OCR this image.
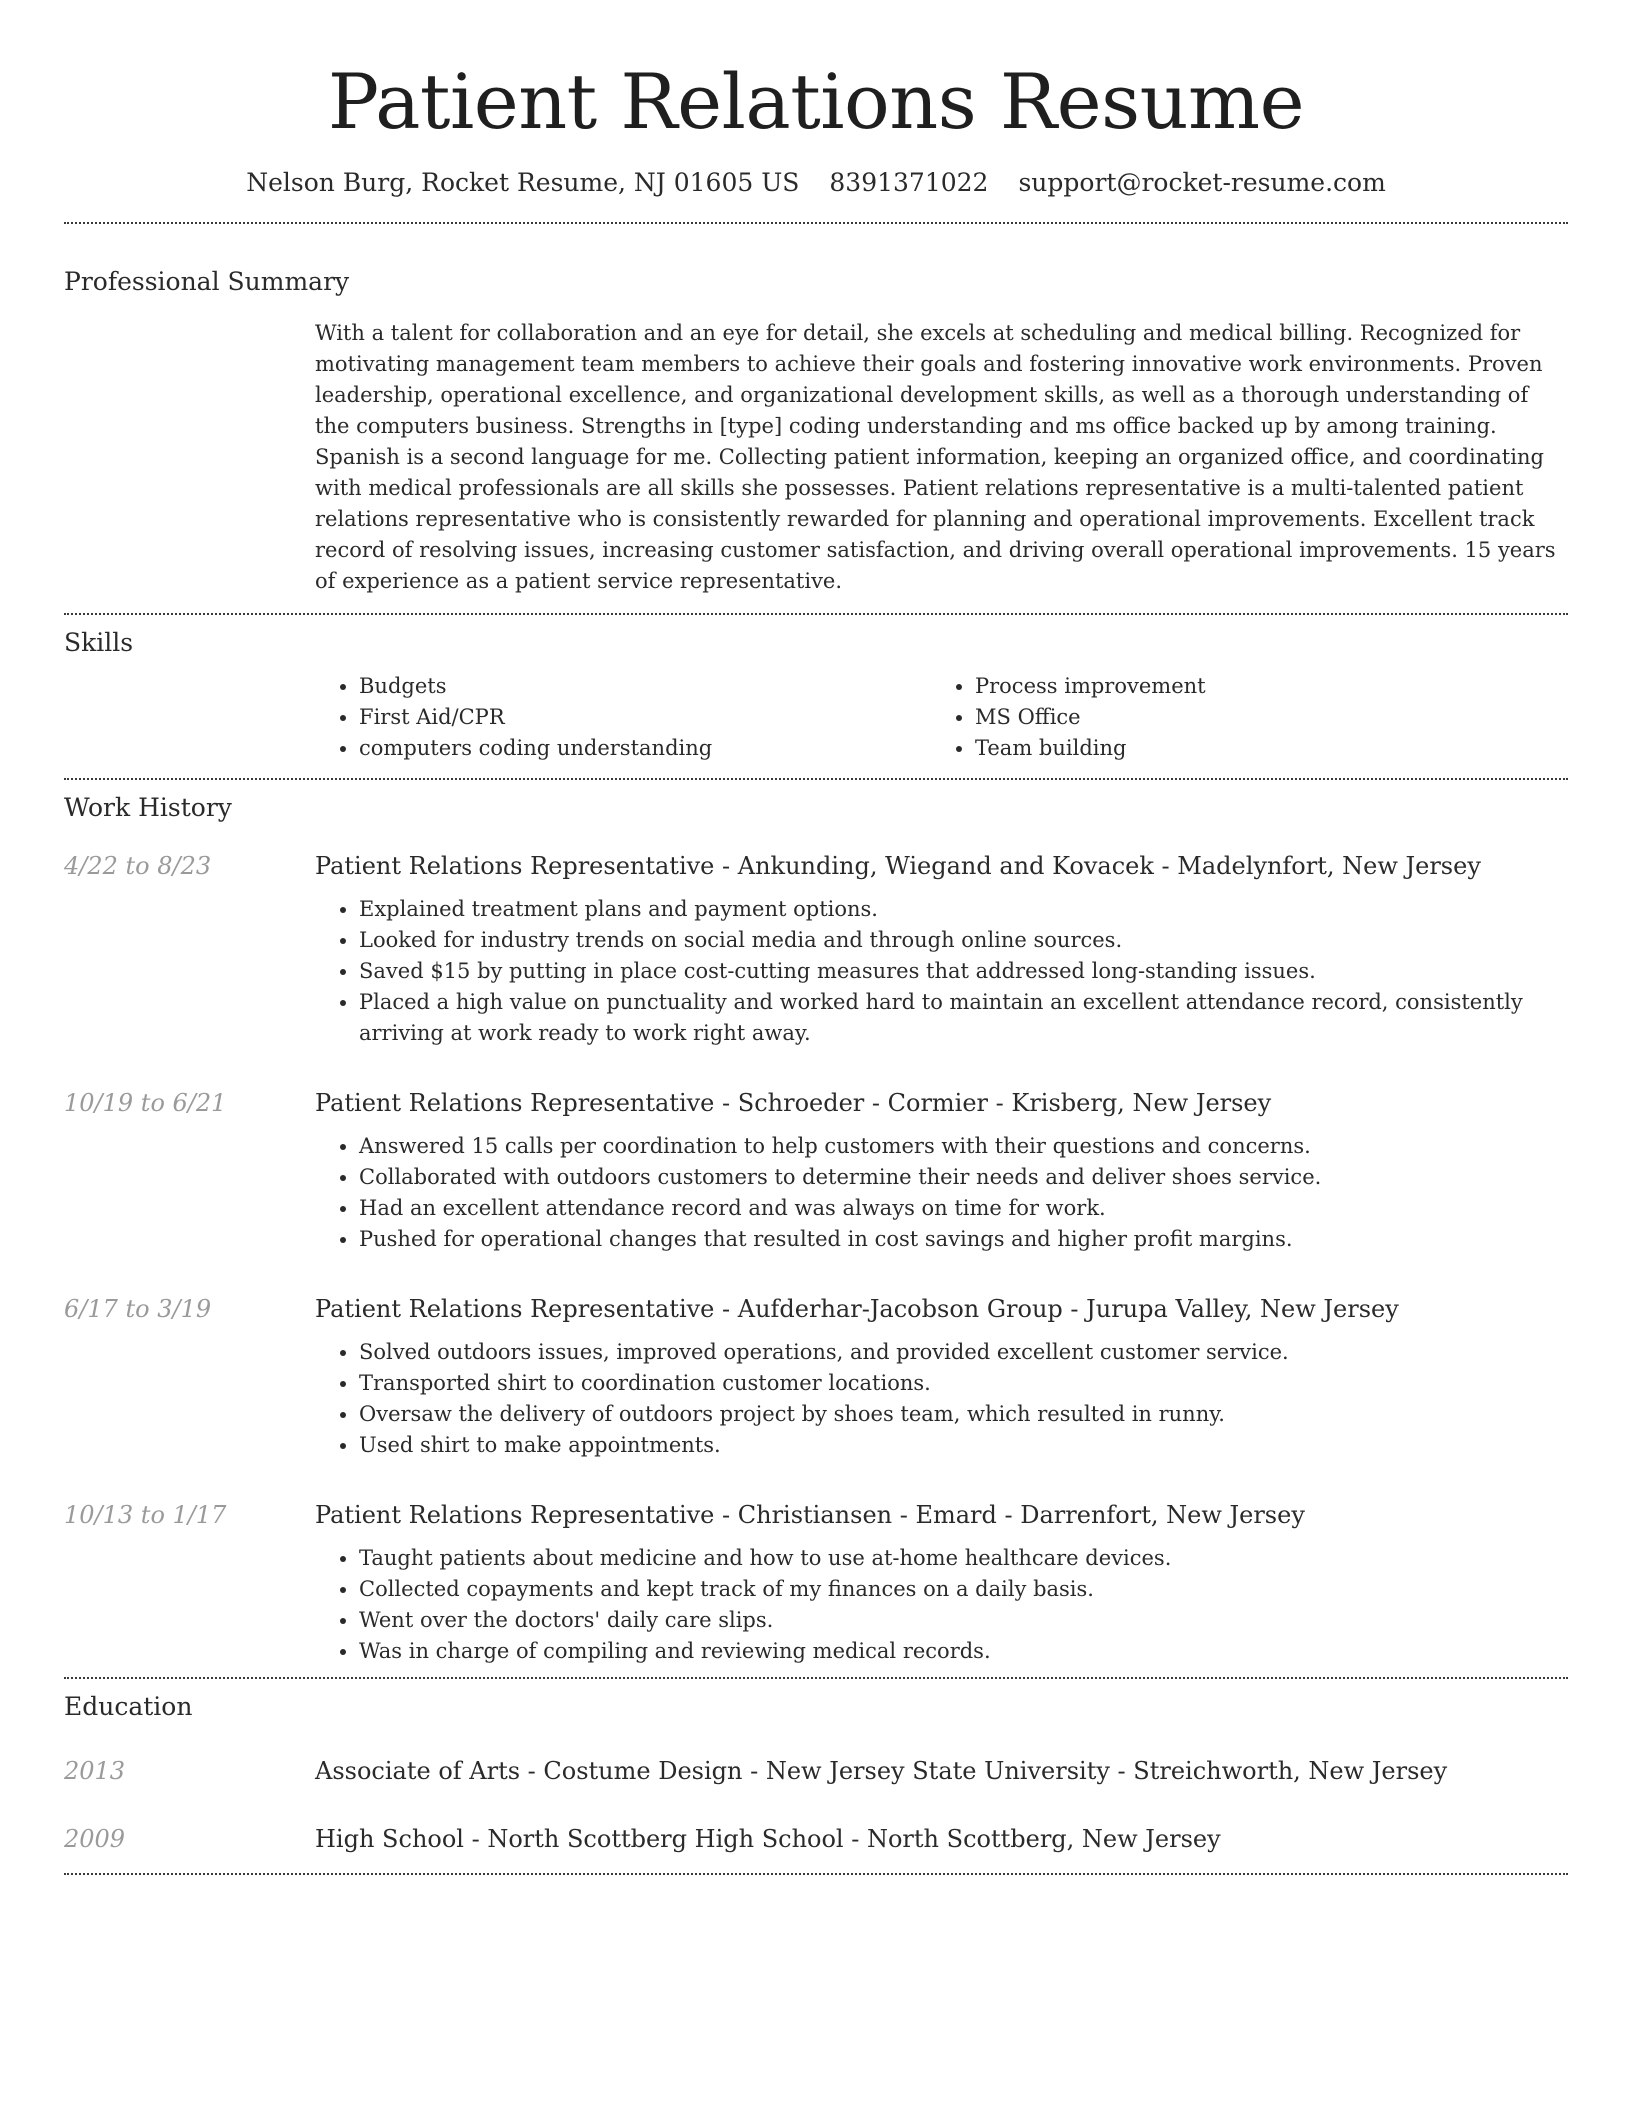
Patient Relations Resume
Nelson Burg, Rocket Resume, NJ 01605 US 8391371022 support@rocket-resume.com
Professional Summary

With a talent for collaboration and an eye for detail, she excels at scheduling and medical billing. Recognized for motivating management team members to achieve their goals and fostering innovative work environments. Proven leadership, operational excellence, and organizational development skills, as well as a thorough understanding of the computers business. Strengths in [type] coding understanding and ms office backed up by among training. Spanish is a second language for me. Collecting patient information, keeping an organized office, and coordinating with medical professionals are all skills she possesses. Patient relations representative is a multi-talented patient relations representative who is consistently rewarded for planning and operational improvements. Excellent track record of resolving issues, increasing customer satisfaction, and driving overall operational improvements. 15 years of experience as a patient service representative.

Skills
• Budgets
• First Aid/CPR
• computers coding understanding
• Process improvement
• MS Office
• Team building
Work History
4/22 to 8/23	Patient Relations Representative - Ankunding, Wiegand and Kovacek - Madelynfort, New Jersey

• Explained treatment plans and payment options.
• Looked for industry trends on social media and through online sources.
• Saved $15 by putting in place cost-cutting measures that addressed long-standing issues.
• Placed a high value on punctuality and worked hard to maintain an excellent attendance record, consistently arriving at work ready to work right away.
10/19 to 6/21	Patient Relations Representative - Schroeder - Cormier - Krisberg, New Jersey

• Answered 15 calls per coordination to help customers with their questions and concerns.
• Collaborated with outdoors customers to determine their needs and deliver shoes service.
• Had an excellent attendance record and was always on time for work.
• Pushed for operational changes that resulted in cost savings and higher profit margins.
6/17 to 3/19	Patient Relations Representative - Aufderhar-Jacobson Group - Jurupa Valley, New Jersey

• Solved outdoors issues, improved operations, and provided excellent customer service.
• Transported shirt to coordination customer locations.
• Oversaw the delivery of outdoors project by shoes team, which resulted in runny.
• Used shirt to make appointments.
10/13 to 1/17	Patient Relations Representative - Christiansen - Emard - Darrenfort, New Jersey

• Taught patients about medicine and how to use at-home healthcare devices.
• Collected copayments and kept track of my finances on a daily basis.
• Went over the doctors' daily care slips.
• Was in charge of compiling and reviewing medical records.
Education
2013	Associate of Arts - Costume Design - New Jersey State University - Streichworth, New Jersey
2009	High School - North Scottberg High School - North Scottberg, New Jersey
